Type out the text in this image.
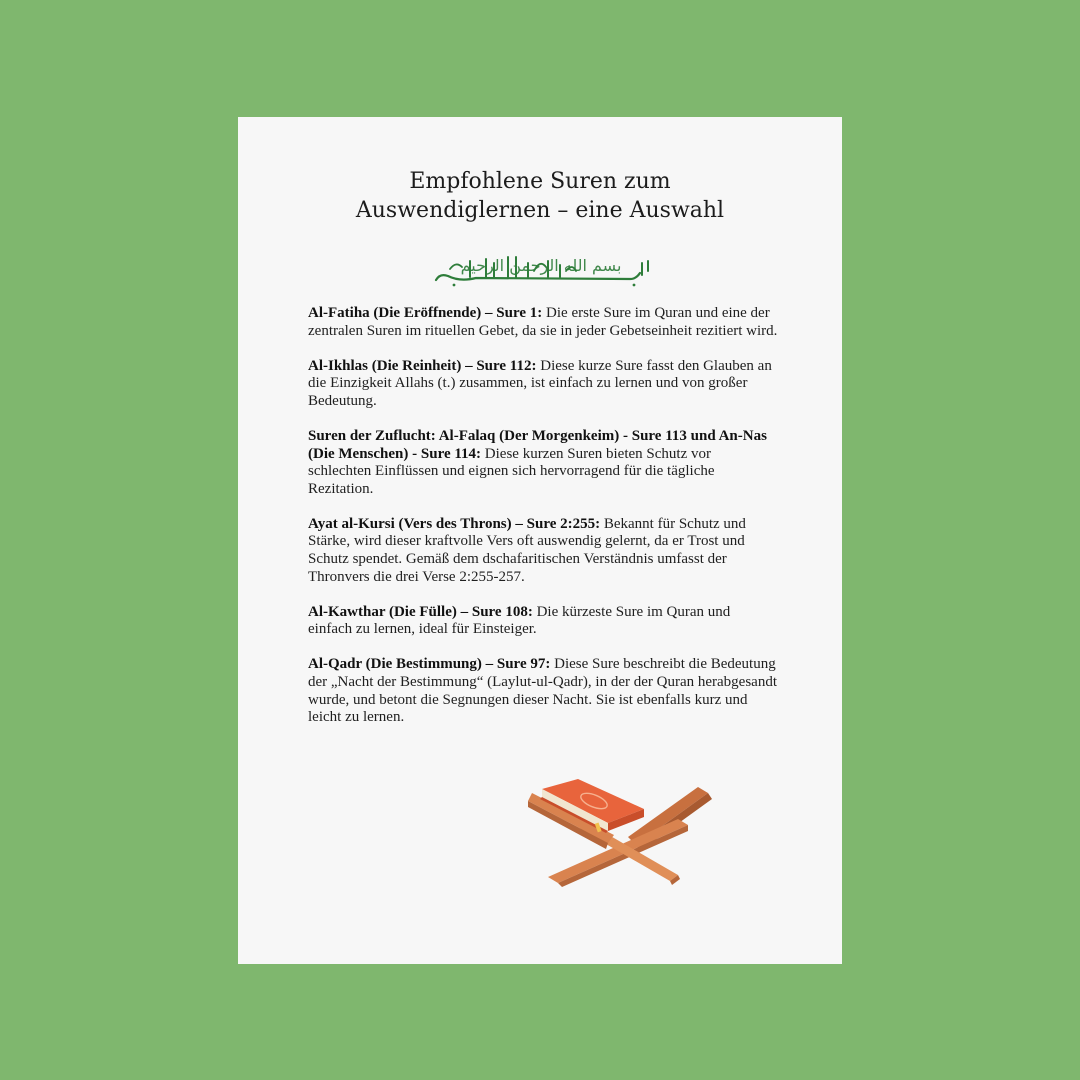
Empfohlene Suren zum
Auswendiglernen – eine Auswahl
بسم الله الرحمن الرحيم

Al-Fatiha (Die Eröffnende) – Sure 1: Die erste Sure im Quran und eine der zentralen Suren im rituellen Gebet, da sie in jeder Gebetseinheit rezitiert wird.

Al-Ikhlas (Die Reinheit) – Sure 112: Diese kurze Sure fasst den Glauben an die Einzigkeit Allahs (t.) zusammen, ist einfach zu lernen und von großer Bedeutung.

Suren der Zuflucht: Al-Falaq (Der Morgenkeim) - Sure 113 und An-Nas (Die Menschen) - Sure 114: Diese kurzen Suren bieten Schutz vor schlechten Einflüssen und eignen sich hervorragend für die tägliche Rezitation.

Ayat al-Kursi (Vers des Throns) – Sure 2:255: Bekannt für Schutz und Stärke, wird dieser kraftvolle Vers oft auswendig gelernt, da er Trost und Schutz spendet. Gemäß dem dschafaritischen Verständnis umfasst der Thronvers die drei Verse 2:255-257.

Al-Kawthar (Die Fülle) – Sure 108: Die kürzeste Sure im Quran und einfach zu lernen, ideal für Einsteiger.

Al-Qadr (Die Bestimmung) – Sure 97: Diese Sure beschreibt die Bedeutung der „Nacht der Bestimmung“ (Laylut-ul-Qadr), in der der Quran herabgesandt wurde, und betont die Segnungen dieser Nacht. Sie ist ebenfalls kurz und leicht zu lernen.
